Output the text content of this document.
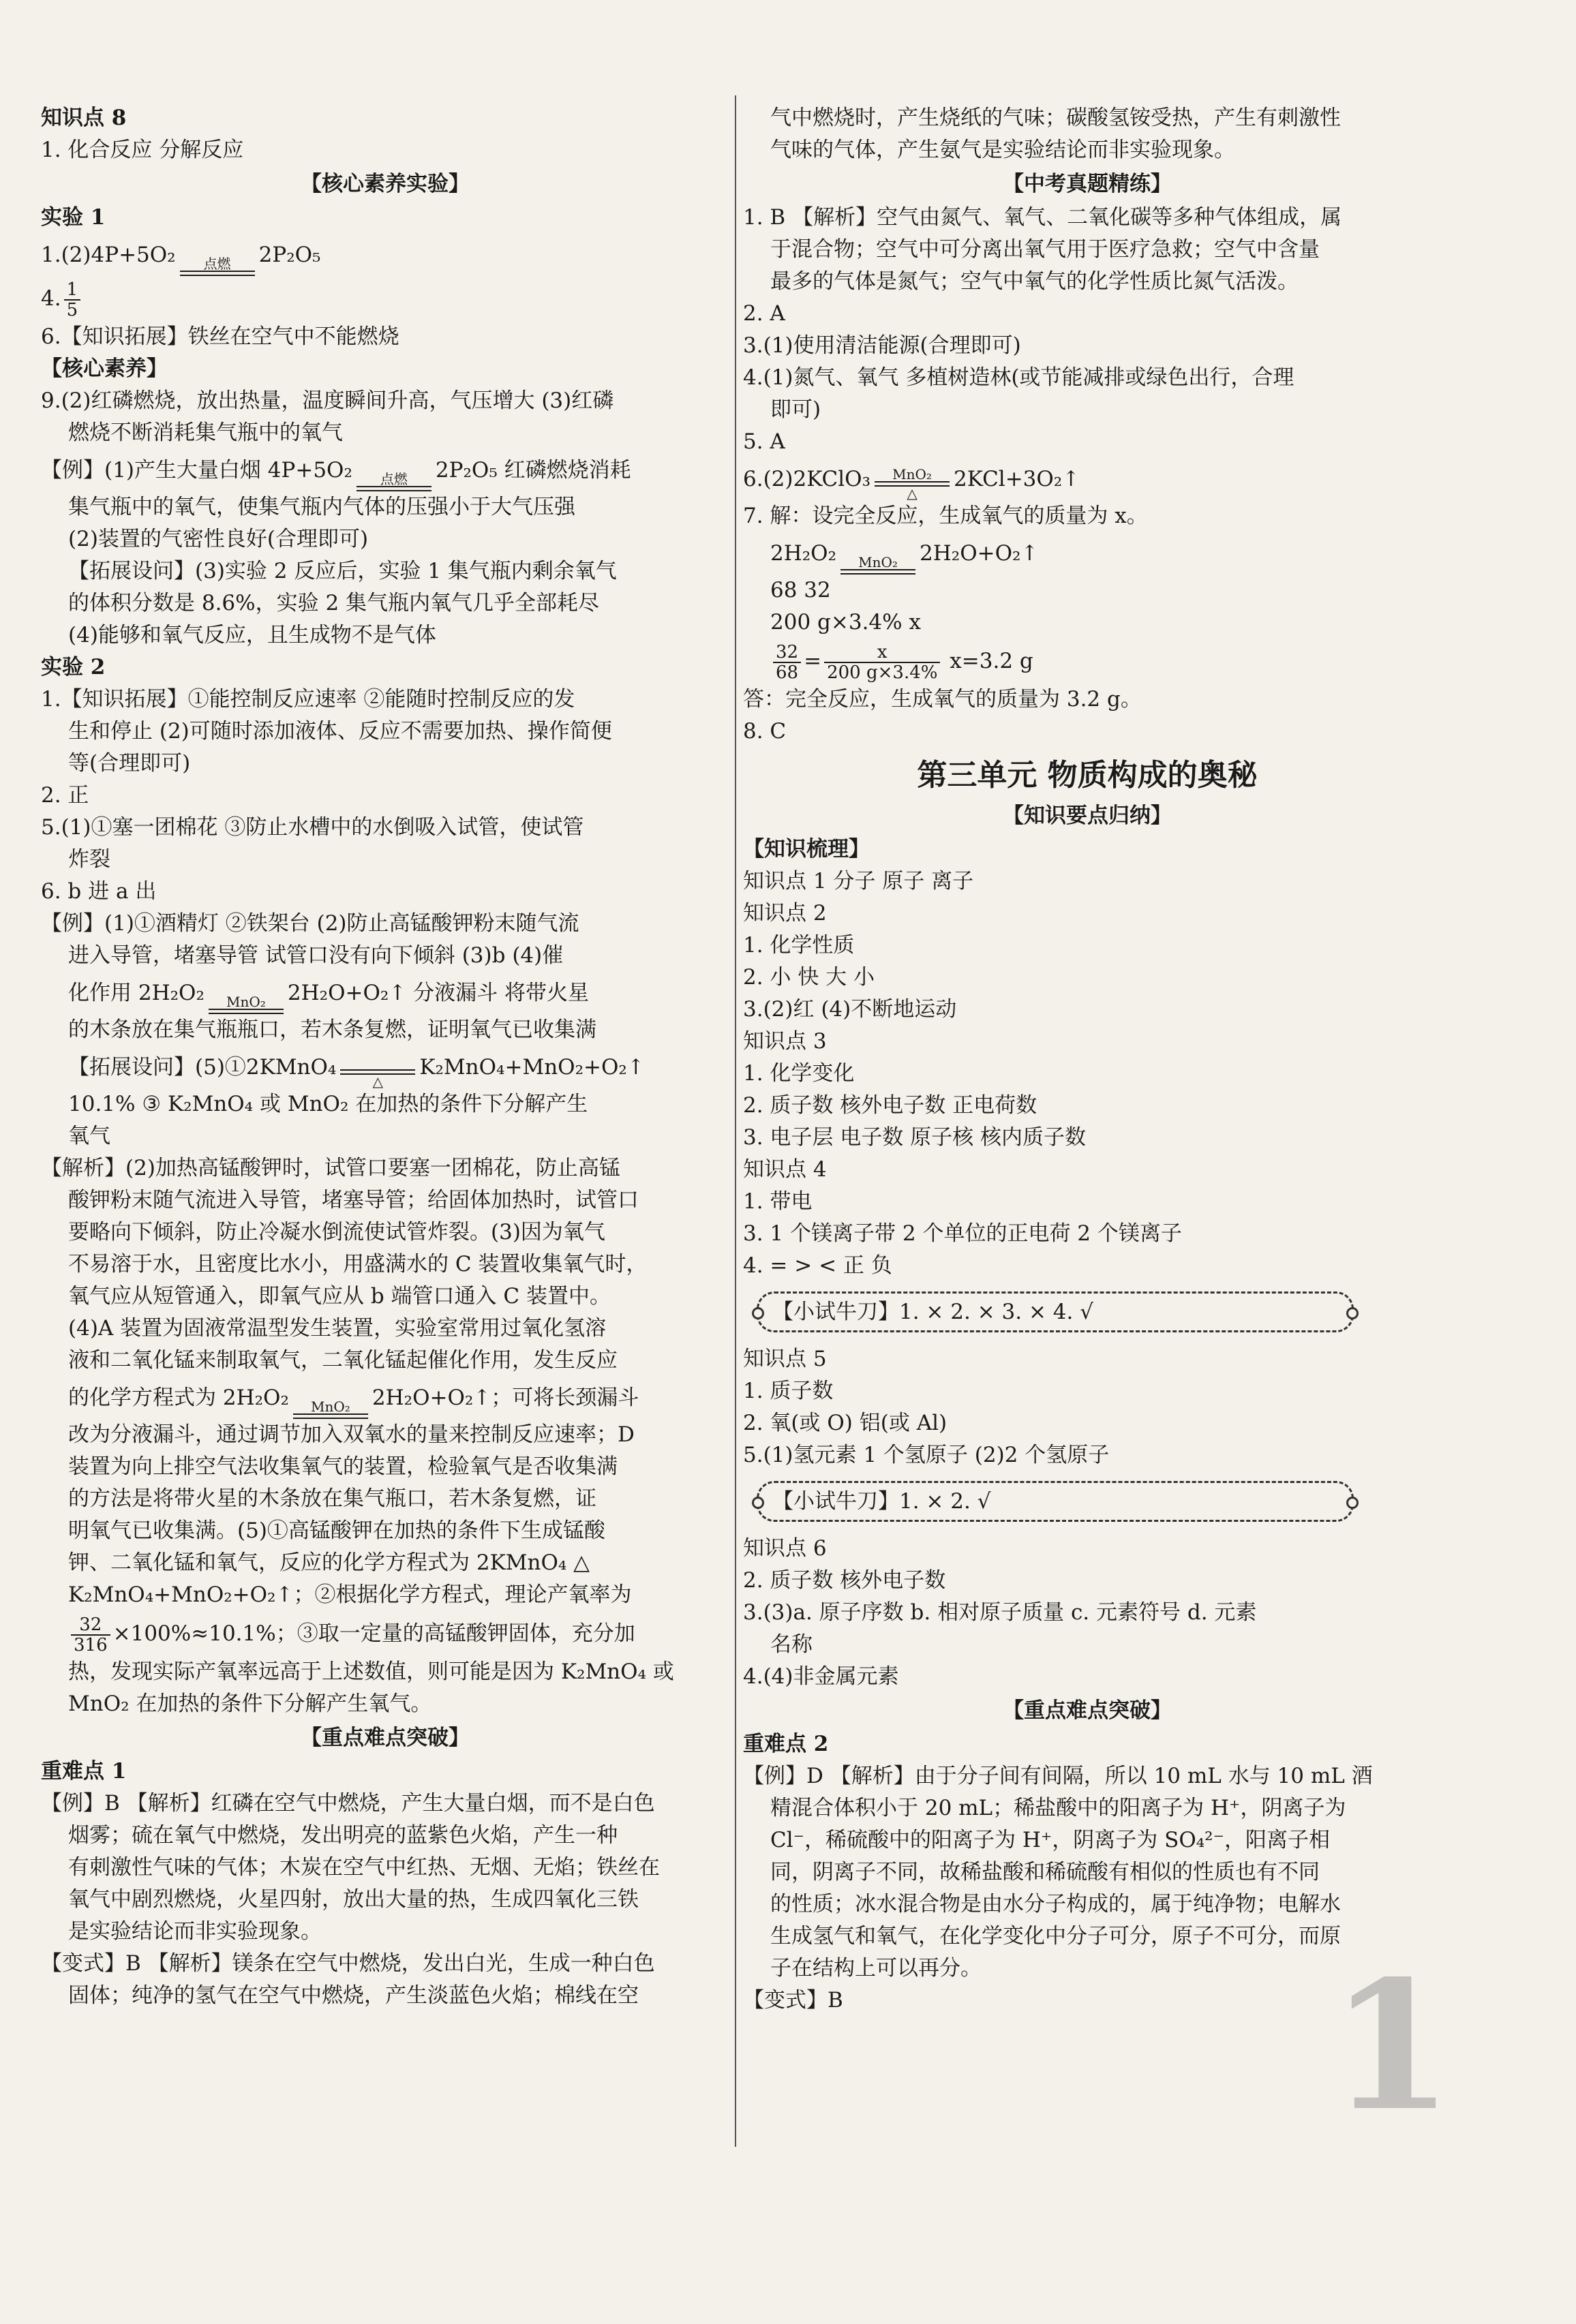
知识点 8
1. 化合反应 分解反应
【核心素养实验】
实验 1
1.(2)4P+5O₂	点燃	2P₂O₅
4. $\frac{1}{5}$
6.【知识拓展】铁丝在空气中不能燃烧
【核心素养】
9.(2)红磷燃烧，放出热量，温度瞬间升高，气压增大 (3)红磷
燃烧不断消耗集气瓶中的氧气
【例】(1)产生大量白烟 4P+5O₂	点燃	2P₂O₅ 红磷燃烧消耗
集气瓶中的氧气，使集气瓶内气体的压强小于大气压强
(2)装置的气密性良好(合理即可)
【拓展设问】(3)实验 2 反应后，实验 1 集气瓶内剩余氧气
的体积分数是 8.6%，实验 2 集气瓶内氧气几乎全部耗尽
(4)能够和氧气反应，且生成物不是气体
实验 2
1.【知识拓展】①能控制反应速率 ②能随时控制反应的发
生和停止 (2)可随时添加液体、反应不需要加热、操作简便
等(合理即可)
2. 正
5.(1)①塞一团棉花 ③防止水槽中的水倒吸入试管，使试管
炸裂
6. b 进 a 出
【例】(1)①酒精灯 ②铁架台 (2)防止高锰酸钾粉末随气流
进入导管，堵塞导管 试管口没有向下倾斜 (3)b (4)催
化作用 2H₂O₂	MnO₂	2H₂O+O₂↑ 分液漏斗 将带火星
的木条放在集气瓶瓶口，若木条复燃，证明氧气已收集满
【拓展设问】(5)①2KMnO₄
△
K₂MnO₄+MnO₂+O₂↑
10.1% ③ K₂MnO₄ 或 MnO₂ 在加热的条件下分解产生
氧气
【解析】(2)加热高锰酸钾时，试管口要塞一团棉花，防止高锰
酸钾粉末随气流进入导管，堵塞导管；给固体加热时，试管口
要略向下倾斜，防止冷凝水倒流使试管炸裂。(3)因为氧气
不易溶于水，且密度比水小，用盛满水的 C 装置收集氧气时，
氧气应从短管通入，即氧气应从 b 端管口通入 C 装置中。
(4)A 装置为固液常温型发生装置，实验室常用过氧化氢溶
液和二氧化锰来制取氧气，二氧化锰起催化作用，发生反应
的化学方程式为 2H₂O₂	MnO₂	2H₂O+O₂↑；可将长颈漏斗
改为分液漏斗，通过调节加入双氧水的量来控制反应速率；D
装置为向上排空气法收集氧气的装置，检验氧气是否收集满
的方法是将带火星的木条放在集气瓶口，若木条复燃，证
明氧气已收集满。(5)①高锰酸钾在加热的条件下生成锰酸
钾、二氧化锰和氧气，反应的化学方程式为 2KMnO₄ △
K₂MnO₄+MnO₂+O₂↑；②根据化学方程式，理论产氧率为
$\frac{32}{316} \times 100\%\approx 10.1\%$；③取一定量的高锰酸钾固体，充分加
热，发现实际产氧率远高于上述数值，则可能是因为 K₂MnO₄ 或
MnO₂ 在加热的条件下分解产生氧气。
【重点难点突破】
重难点 1
【例】B 【解析】红磷在空气中燃烧，产生大量白烟，而不是白色
烟雾；硫在氧气中燃烧，发出明亮的蓝紫色火焰，产生一种
有刺激性气味的气体；木炭在空气中红热、无烟、无焰；铁丝在
氧气中剧烈燃烧，火星四射，放出大量的热，生成四氧化三铁
是实验结论而非实验现象。
【变式】B 【解析】镁条在空气中燃烧，发出白光，生成一种白色
固体；纯净的氢气在空气中燃烧，产生淡蓝色火焰；棉线在空
气中燃烧时，产生烧纸的气味；碳酸氢铵受热，产生有刺激性
气味的气体，产生氨气是实验结论而非实验现象。
【中考真题精练】
1. B 【解析】空气由氮气、氧气、二氧化碳等多种气体组成，属
于混合物；空气中可分离出氧气用于医疗急救；空气中含量
最多的气体是氮气；空气中氧气的化学性质比氮气活泼。
2. A
3.(1)使用清洁能源(合理即可)
4.(1)氮气、氧气 多植树造林(或节能减排或绿色出行，合理
即可)
5. A
6.(2)2KClO₃	MnO₂
△
2KCl+3O₂↑
7. 解：设完全反应，生成氧气的质量为 x。
2H₂O₂	MnO₂	2H₂O+O₂↑
68 32
200 g×3.4% x
$\frac{32}{68} = \frac{x}{200 g\times 3.4\%} x=3.2$ g
答：完全反应，生成氧气的质量为 3.2 g。
8. C
第三单元 物质构成的奥秘
【知识要点归纳】
【知识梳理】
知识点 1 分子 原子 离子
知识点 2
1. 化学性质
2. 小 快 大 小
3.(2)红 (4)不断地运动
知识点 3
1. 化学变化
2. 质子数 核外电子数 正电荷数
3. 电子层 电子数 原子核 核内质子数
知识点 4
1. 带电
3. 1 个镁离子带 2 个单位的正电荷 2 个镁离子
4. = > < 正 负
【小试牛刀】1. × 2. × 3. × 4. √
知识点 5
1. 质子数
2. 氧(或 O) 铝(或 Al)
5.(1)氢元素 1 个氢原子 (2)2 个氢原子
【小试牛刀】1. × 2. √
知识点 6
2. 质子数 核外电子数
3.(3)a. 原子序数 b. 相对原子质量 c. 元素符号 d. 元素
名称
4.(4)非金属元素
【重点难点突破】
重难点 2
【例】D 【解析】由于分子间有间隔，所以 10 mL 水与 10 mL 酒
精混合体积小于 20 mL；稀盐酸中的阳离子为 H⁺，阴离子为
Cl⁻，稀硫酸中的阳离子为 H⁺，阴离子为 SO₄²⁻，阳离子相
同，阴离子不同，故稀盐酸和稀硫酸有相似的性质也有不同
的性质；冰水混合物是由水分子构成的，属于纯净物；电解水
生成氢气和氧气，在化学变化中分子可分，原子不可分，而原
子在结构上可以再分。
【变式】B	1
